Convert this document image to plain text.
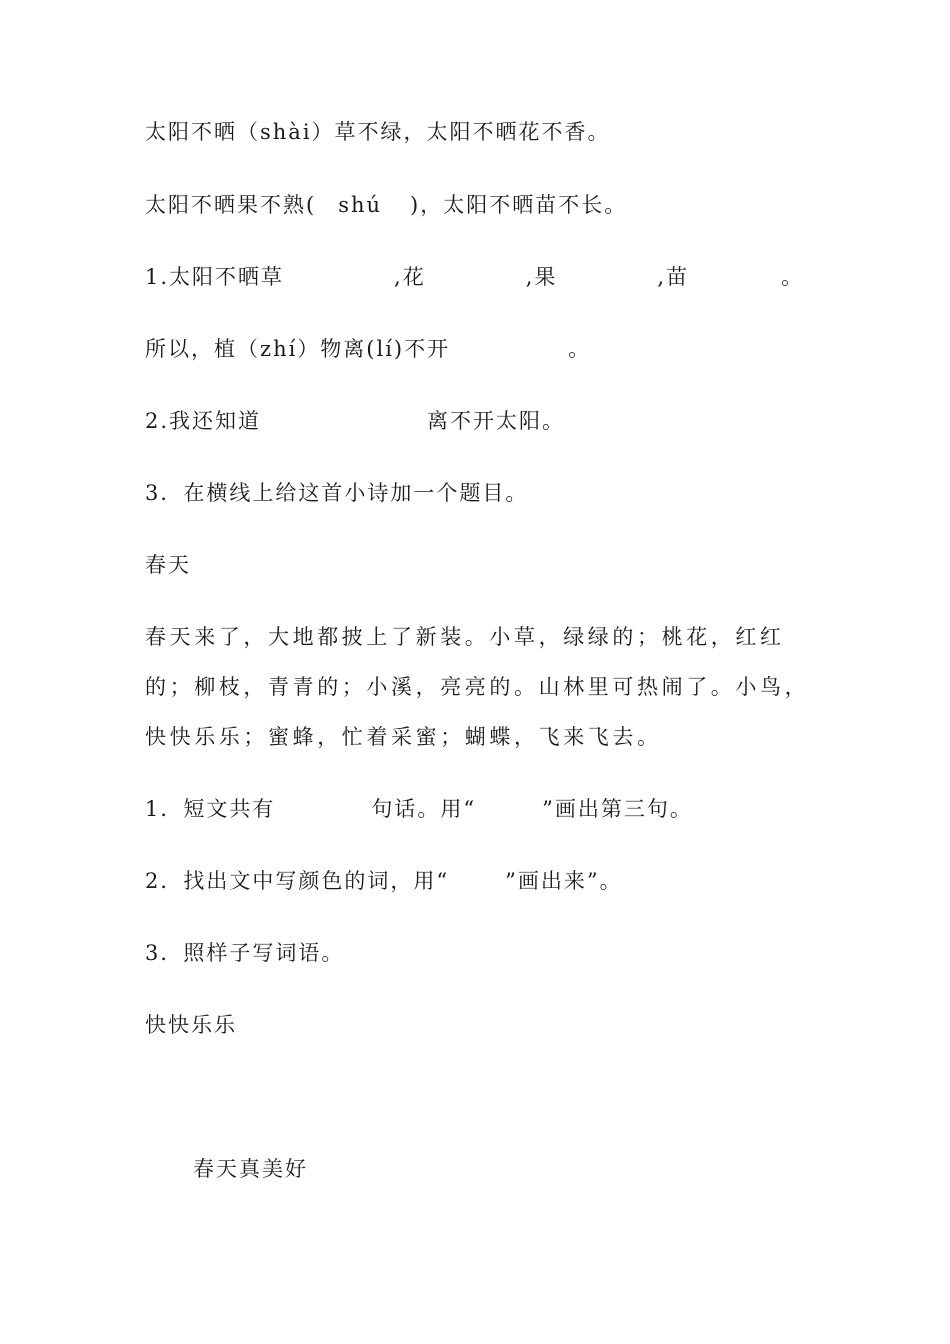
太阳不晒（shài）草不绿，太阳不晒花不香。
太阳不晒果不熟( shú )，太阳不晒苗不长。
1.太阳不晒草	,花	,果	,苗	。
所以，植（zhí）物离(lí)不开	。
2.我还知道	离不开太阳。
3．在横线上给这首小诗加一个题目。
春天
春天来了，大地都披上了新装。小草，绿绿的；桃花，红红的；柳枝，青青的；小溪，亮亮的。山林里可热闹了。小鸟，快快乐乐；蜜蜂，忙着采蜜；蝴蝶，飞来飞去。
1．短文共有	句话。用“	”画出第三句。
2．找出文中写颜色的词，用“	”画出来”。
3．照样子写词语。
快快乐乐
春天真美好
